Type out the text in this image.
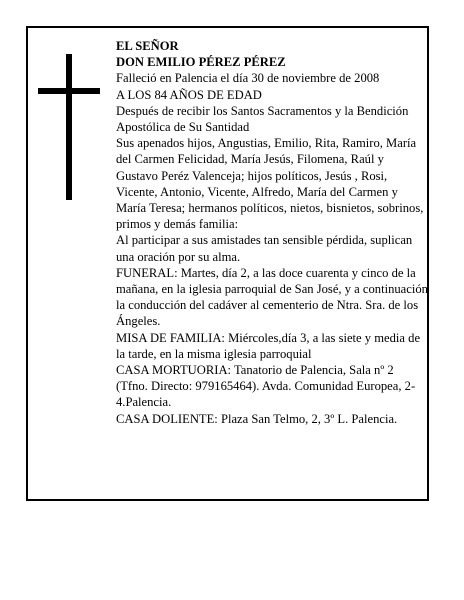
EL SEÑOR

DON EMILIO PÉREZ PÉREZ

Falleció en Palencia el día 30 de noviembre de 2008

A LOS 84 AÑOS DE EDAD

Después de recibir los Santos Sacramentos y la Bendición Apostólica de Su Santidad

Sus apenados hijos, Angustias, Emilio, Rita, Ramiro, María del Carmen Felicidad, María Jesús, Filomena, Raúl y Gustavo Peréz Valenceja; hijos políticos, Jesús , Rosi, Vicente, Antonio, Vicente, Alfredo, María del Carmen y María Teresa; hermanos políticos, nietos, bisnietos, sobrinos, primos y demás familia:

Al participar a sus amistades tan sensible pérdida, suplican una oración por su alma.

FUNERAL: Martes, día 2, a las doce cuarenta y cinco de la mañana, en la iglesia parroquial de San José, y a continuación la conducción del cadáver al cementerio de Ntra. Sra. de los Ángeles.

MISA DE FAMILIA: Miércoles,día 3, a las siete y media de la tarde, en la misma iglesia parroquial

CASA MORTUORIA: Tanatorio de Palencia, Sala nº 2 (Tfno. Directo: 979165464). Avda. Comunidad Europea, 2-4.Palencia.

CASA DOLIENTE: Plaza San Telmo, 2, 3º L. Palencia.
